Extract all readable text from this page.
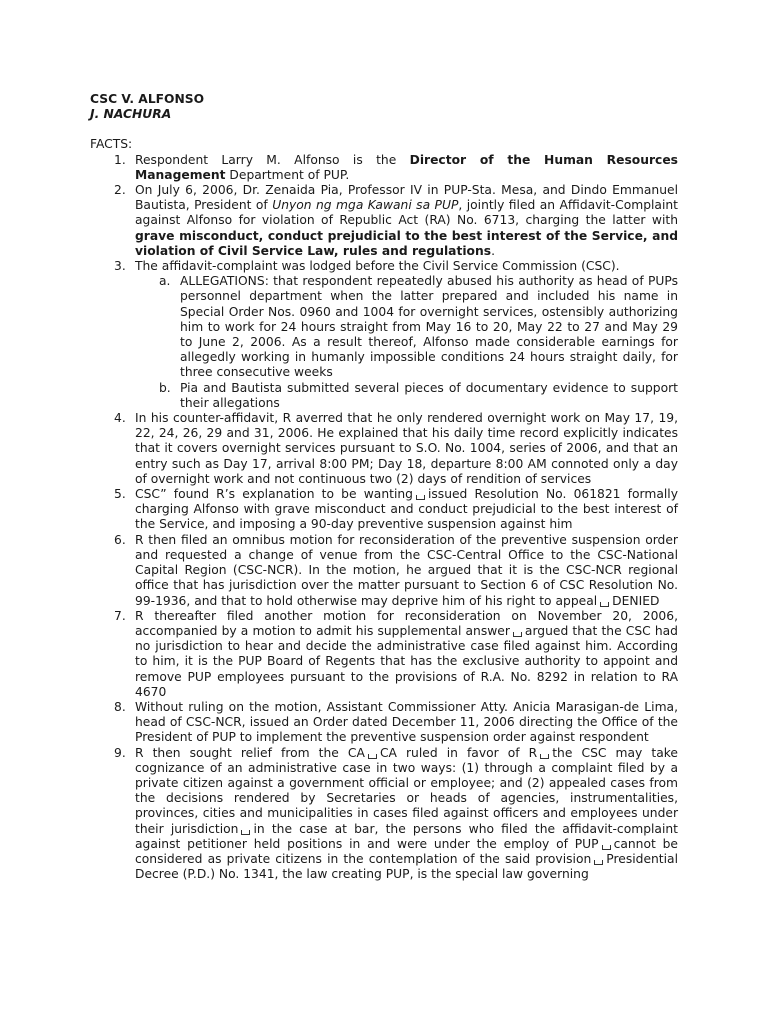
CSC V. ALFONSO

J. NACHURA

FACTS:

1. Respondent Larry M. Alfonso is the Director of the Human Resources Management Department of PUP.
2. On July 6, 2006, Dr. Zenaida Pia, Professor IV in PUP-Sta. Mesa, and Dindo Emmanuel Bautista, President of Unyon ng mga Kawani sa PUP, jointly filed an Affidavit-Complaint against Alfonso for violation of Republic Act (RA) No. 6713, charging the latter with grave misconduct, conduct prejudicial to the best interest of the Service, and violation of Civil Service Law, rules and regulations.
3. The affidavit-complaint was lodged before the Civil Service Commission (CSC).
a. ALLEGATIONS: that respondent repeatedly abused his authority as head of PUPs personnel department when the latter prepared and included his name in Special Order Nos. 0960 and 1004 for overnight services, ostensibly authorizing him to work for 24 hours straight from May 16 to 20, May 22 to 27 and May 29 to June 2, 2006. As a result thereof, Alfonso made considerable earnings for allegedly working in humanly impossible conditions 24 hours straight daily, for three consecutive weeks
b. Pia and Bautista submitted several pieces of documentary evidence to support their allegations
4. In his counter-affidavit, R averred that he only rendered overnight work on May 17, 19, 22, 24, 26, 29 and 31, 2006. He explained that his daily time record explicitly indicates that it covers overnight services pursuant to S.O. No. 1004, series of 2006, and that an entry such as Day 17, arrival 8:00 PM; Day 18, departure 8:00 AM connoted only a day of overnight work and not continuous two (2) days of rendition of services
5. CSC” found R’s explanation to be wanting issued Resolution No. 061821 formally charging Alfonso with grave misconduct and conduct prejudicial to the best interest of the Service, and imposing a 90-day preventive suspension against him
6. R then filed an omnibus motion for reconsideration of the preventive suspension order and requested a change of venue from the CSC-Central Office to the CSC-National Capital Region (CSC-NCR). In the motion, he argued that it is the CSC-NCR regional office that has jurisdiction over the matter pursuant to Section 6 of CSC Resolution No. 99-1936, and that to hold otherwise may deprive him of his right to appeal DENIED
7. R thereafter filed another motion for reconsideration on November 20, 2006, accompanied by a motion to admit his supplemental answer argued that the CSC had no jurisdiction to hear and decide the administrative case filed against him. According to him, it is the PUP Board of Regents that has the exclusive authority to appoint and remove PUP employees pursuant to the provisions of R.A. No. 8292 in relation to RA 4670
8. Without ruling on the motion, Assistant Commissioner Atty. Anicia Marasigan-de Lima, head of CSC-NCR, issued an Order dated December 11, 2006 directing the Office of the President of PUP to implement the preventive suspension order against respondent
9. R then sought relief from the CA CA ruled in favor of R the CSC may take cognizance of an administrative case in two ways: (1) through a complaint filed by a private citizen against a government official or employee; and (2) appealed cases from the decisions rendered by Secretaries or heads of agencies, instrumentalities, provinces, cities and municipalities in cases filed against officers and employees under their jurisdiction in the case at bar, the persons who filed the affidavit-complaint against petitioner held positions in and were under the employ of PUP cannot be considered as private citizens in the contemplation of the said provision Presidential Decree (P.D.) No. 1341, the law creating PUP, is the special law governing
